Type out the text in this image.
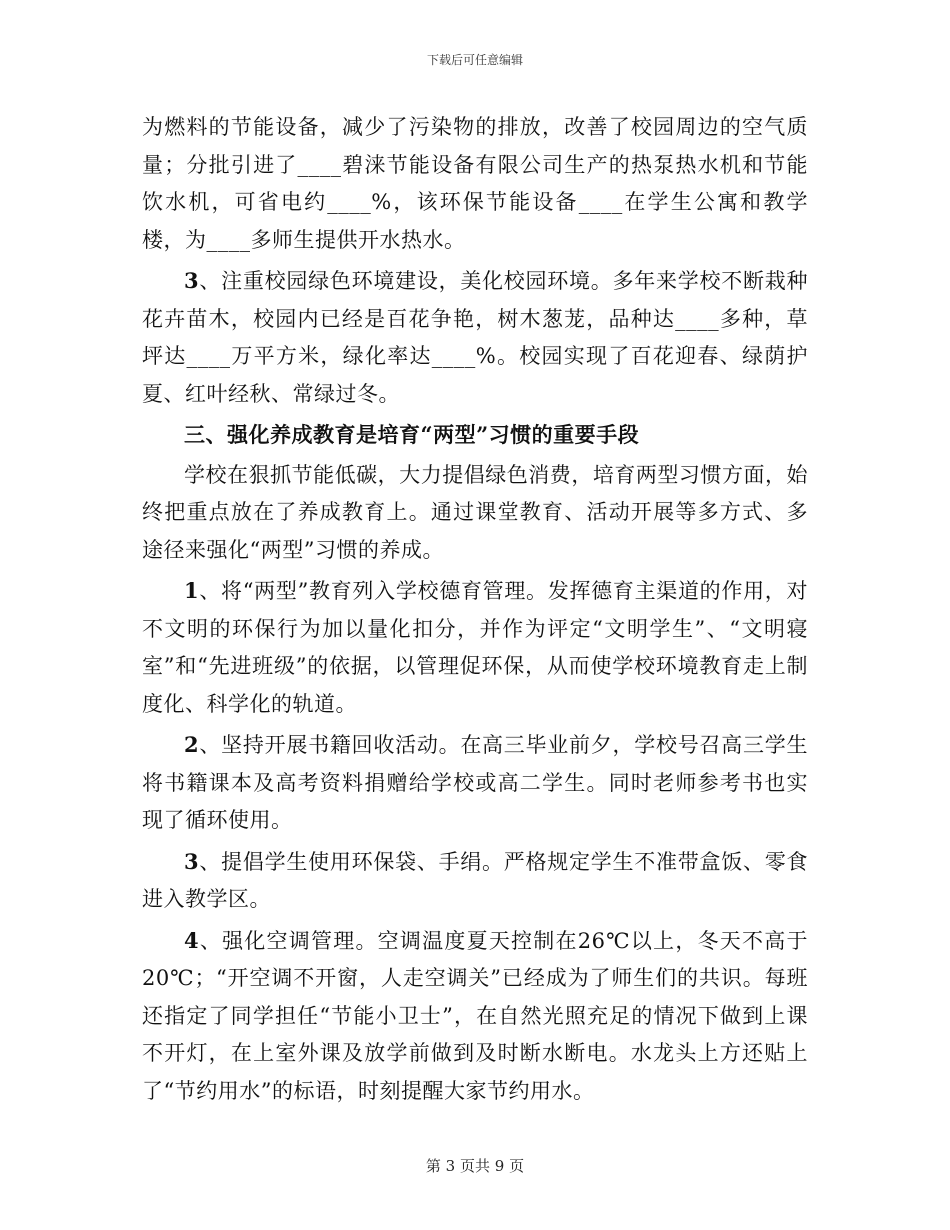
下载后可任意编辑

为燃料的节能设备，减少了污染物的排放，改善了校园周边的空气质量；分批引进了____碧涞节能设备有限公司生产的热泵热水机和节能饮水机，可省电约____%，该环保节能设备____在学生公寓和教学楼，为____多师生提供开水热水。

3、注重校园绿色环境建设，美化校园环境。多年来学校不断栽种花卉苗木，校园内已经是百花争艳，树木葱茏，品种达____多种，草坪达____万平方米，绿化率达____%。校园实现了百花迎春、绿荫护夏、红叶经秋、常绿过冬。

三、强化养成教育是培育“两型”习惯的重要手段

学校在狠抓节能低碳，大力提倡绿色消费，培育两型习惯方面，始终把重点放在了养成教育上。通过课堂教育、活动开展等多方式、多途径来强化“两型”习惯的养成。

1、将“两型”教育列入学校德育管理。发挥德育主渠道的作用，对不文明的环保行为加以量化扣分，并作为评定“文明学生”、“文明寝室”和“先进班级”的依据，以管理促环保，从而使学校环境教育走上制度化、科学化的轨道。

2、坚持开展书籍回收活动。在高三毕业前夕，学校号召高三学生将书籍课本及高考资料捐赠给学校或高二学生。同时老师参考书也实现了循环使用。

3、提倡学生使用环保袋、手绢。严格规定学生不准带盒饭、零食进入教学区。

4、强化空调管理。空调温度夏天控制在26℃以上，冬天不高于20℃；“开空调不开窗，人走空调关”已经成为了师生们的共识。每班还指定了同学担任“节能小卫士”，在自然光照充足的情况下做到上课不开灯，在上室外课及放学前做到及时断水断电。水龙头上方还贴上了“节约用水”的标语，时刻提醒大家节约用水。

第 3 页共 9 页
